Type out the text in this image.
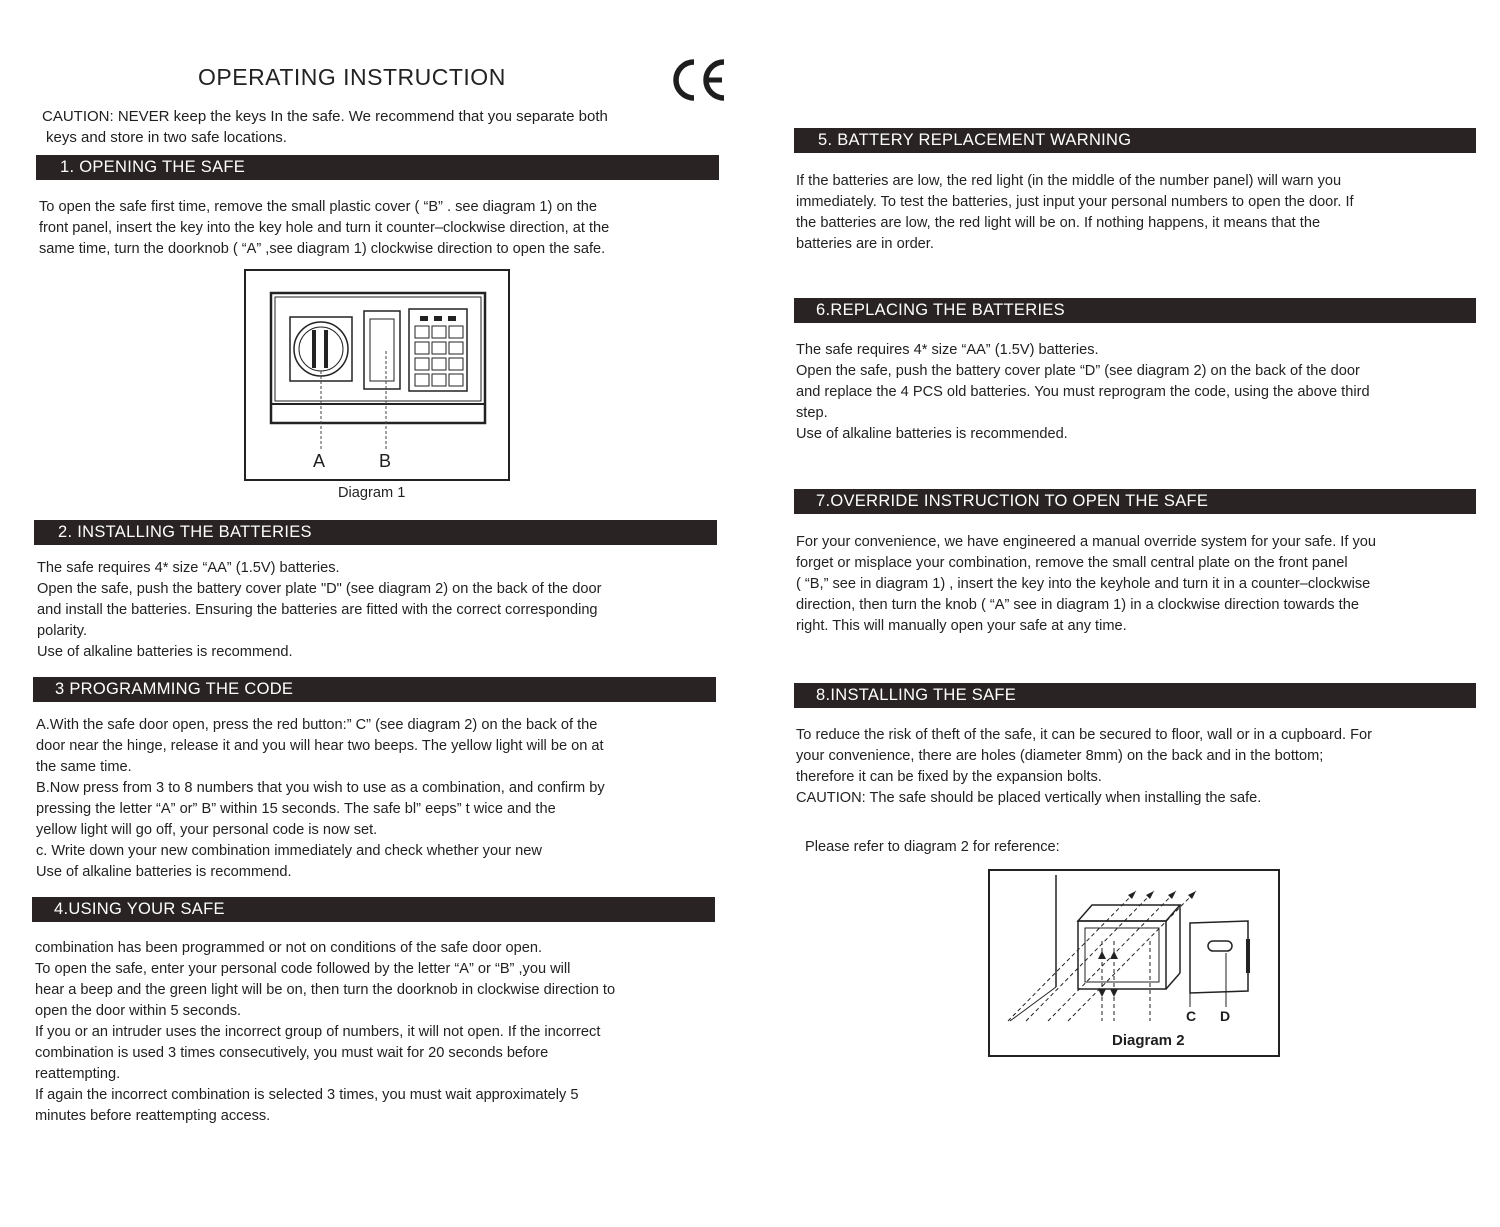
OPERATING INSTRUCTION
CAUTION: NEVER keep the keys In the safe. We recommend that you separate both
keys and store in two safe locations.
1. OPENING THE SAFE
To open the safe first time, remove the small plastic cover ( “B” . see diagram 1) on the
front panel, insert the key into the key hole and turn it counter–clockwise direction, at the
same time, turn the doorknob ( “A” ,see diagram 1) clockwise direction to open the safe.
A	B
Diagram 1
2. INSTALLING THE BATTERIES
The safe requires 4* size “AA” (1.5V) batteries.
Open the safe, push the battery cover plate "D" (see diagram 2) on the back of the door
and install the batteries. Ensuring the batteries are fitted with the correct corresponding
polarity.
Use of alkaline batteries is recommend.
3 PROGRAMMING THE CODE
A.With the safe door open, press the red button:” C” (see diagram 2) on the back of the
door near the hinge, release it and you will hear two beeps. The yellow light will be on at
the same time.
B.Now press from 3 to 8 numbers that you wish to use as a combination, and confirm by
pressing the letter “A” or” B” within 15 seconds. The safe bl” eeps” t wice and the
yellow light will go off, your personal code is now set.
c. Write down your new combination immediately and check whether your new
Use of alkaline batteries is recommend.
4.USING YOUR SAFE
combination has been programmed or not on conditions of the safe door open.
To open the safe, enter your personal code followed by the letter “A” or “B” ,you will
hear a beep and the green light will be on, then turn the doorknob in clockwise direction to
open the door within 5 seconds.
If you or an intruder uses the incorrect group of numbers, it will not open. If the incorrect
combination is used 3 times consecutively, you must wait for 20 seconds before
reattempting.
If again the incorrect combination is selected 3 times, you must wait approximately 5
minutes before reattempting access.
5. BATTERY REPLACEMENT WARNING
If the batteries are low, the red light (in the middle of the number panel) will warn you
immediately. To test the batteries, just input your personal numbers to open the door. If
the batteries are low, the red light will be on. If nothing happens, it means that the
batteries are in order.
6.REPLACING THE BATTERIES
The safe requires 4* size “AA” (1.5V) batteries.
Open the safe, push the battery cover plate “D” (see diagram 2) on the back of the door
and replace the 4 PCS old batteries. You must reprogram the code, using the above third
step.
Use of alkaline batteries is recommended.
7.OVERRIDE INSTRUCTION TO OPEN THE SAFE
For your convenience, we have engineered a manual override system for your safe. If you
forget or misplace your combination, remove the small central plate on the front panel
( “B,” see in diagram 1) , insert the key into the keyhole and turn it in a counter–clockwise
direction, then turn the knob ( “A” see in diagram 1) in a clockwise direction towards the
right. This will manually open your safe at any time.
8.INSTALLING THE SAFE
To reduce the risk of theft of the safe, it can be secured to floor, wall or in a cupboard. For
your convenience, there are holes (diameter 8mm) on the back and in the bottom;
therefore it can be fixed by the expansion bolts.
CAUTION: The safe should be placed vertically when installing the safe.
Please refer to diagram 2 for reference:
C D
Diagram 2
